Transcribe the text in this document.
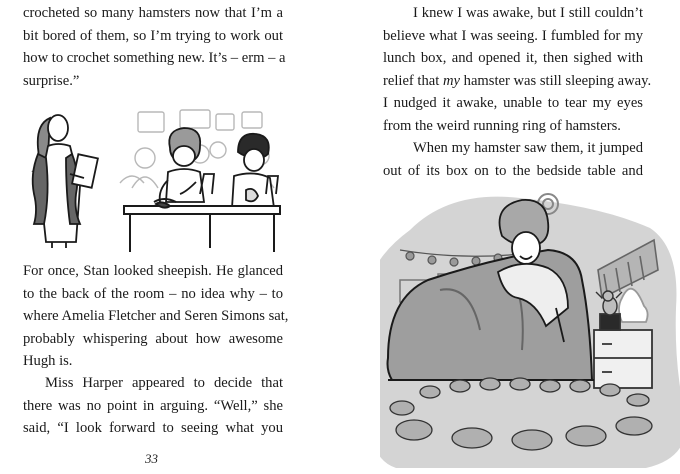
crocheted so many hamsters now that I’m a
bit bored of them, so I’m trying to work out
how to crochet something new. It’s – erm – a
surprise.”

For once, Stan looked sheepish. He glanced
to the back of the room – no idea why – to
where Amelia Fletcher and Seren Simons sat,
probably whispering about how awesome
Hugh is.

Miss Harper appeared to decide that
there was no point in arguing. “Well,” she
said, “I look forward to seeing what you

33

I knew I was awake, but I still couldn’t
believe what I was seeing. I fumbled for my
lunch box, and opened it, then sighed with
relief that my hamster was still sleeping away.
I nudged it awake, unable to tear my eyes
from the weird running ring of hamsters.

When my hamster saw them, it jumped
out of its box on to the bedside table and
